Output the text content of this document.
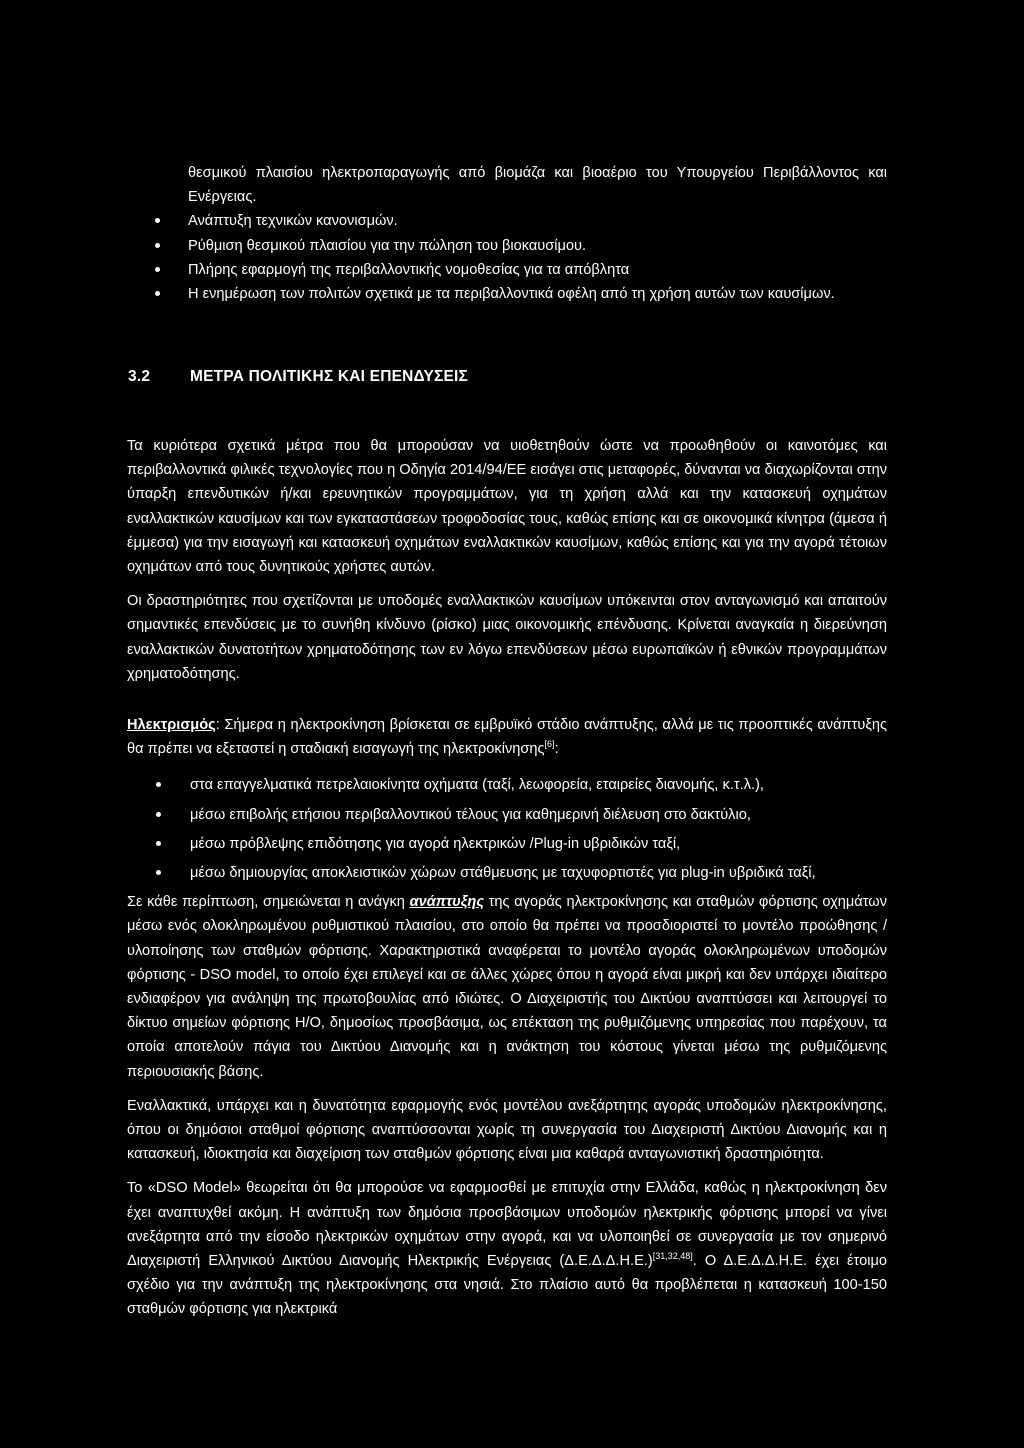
θεσμικού πλαισίου ηλεκτροπαραγωγής από βιομάζα και βιοαέριο του Υπουργείου Περιβάλλοντος και Ενέργειας.
Ανάπτυξη τεχνικών κανονισμών.
Ρύθμιση θεσμικού πλαισίου για την πώληση του βιοκαυσίμου.
Πλήρης εφαρμογή της περιβαλλοντικής νομοθεσίας για τα απόβλητα
Η ενημέρωση των πολιτών σχετικά με τα περιβαλλοντικά οφέλη από τη χρήση αυτών των καυσίμων.
3.2	ΜΕΤΡΑ ΠΟΛΙΤΙΚΗΣ ΚΑΙ ΕΠΕΝΔΥΣΕΙΣ

Τα κυριότερα σχετικά μέτρα που θα μπορούσαν να υιοθετηθούν ώστε να προωθηθούν οι καινοτόμες και περιβαλλοντικά φιλικές τεχνολογίες που η Οδηγία 2014/94/ΕΕ εισάγει στις μεταφορές, δύνανται να διαχωρίζονται στην ύπαρξη επενδυτικών ή/και ερευνητικών προγραμμάτων, για τη χρήση αλλά και την κατασκευή οχημάτων εναλλακτικών καυσίμων και των εγκαταστάσεων τροφοδοσίας τους, καθώς επίσης και σε οικονομικά κίνητρα (άμεσα ή έμμεσα) για την εισαγωγή και κατασκευή οχημάτων εναλλακτικών καυσίμων, καθώς επίσης και για την αγορά τέτοιων οχημάτων από τους δυνητικούς χρήστες αυτών.

Οι δραστηριότητες που σχετίζονται με υποδομές εναλλακτικών καυσίμων υπόκεινται στον ανταγωνισμό και απαιτούν σημαντικές επενδύσεις με το συνήθη κίνδυνο (ρίσκο) μιας οικονομικής επένδυσης. Κρίνεται αναγκαία η διερεύνηση εναλλακτικών δυνατοτήτων χρηματοδότησης των εν λόγω επενδύσεων μέσω ευρωπαϊκών ή εθνικών προγραμμάτων χρηματοδότησης.

Ηλεκτρισμός: Σήμερα η ηλεκτροκίνηση βρίσκεται σε εμβρυϊκό στάδιο ανάπτυξης, αλλά με τις προοπτικές ανάπτυξης θα πρέπει να εξεταστεί η σταδιακή εισαγωγή της ηλεκτροκίνησης[6]:

στα επαγγελματικά πετρελαιοκίνητα οχήματα (ταξί, λεωφορεία, εταιρείες διανομής, κ.τ.λ.),
μέσω επιβολής ετήσιου περιβαλλοντικού τέλους για καθημερινή διέλευση στο δακτύλιο,
μέσω πρόβλεψης επιδότησης για αγορά ηλεκτρικών /Plug-in υβριδικών ταξί,
μέσω δημιουργίας αποκλειστικών χώρων στάθμευσης με ταχυφορτιστές για plug-in υβριδικά ταξί,

Σε κάθε περίπτωση, σημειώνεται η ανάγκη ανάπτυξης της αγοράς ηλεκτροκίνησης και σταθμών φόρτισης οχημάτων μέσω ενός ολοκληρωμένου ρυθμιστικού πλαισίου, στο οποίο θα πρέπει να προσδιοριστεί το μοντέλο προώθησης / υλοποίησης των σταθμών φόρτισης. Χαρακτηριστικά αναφέρεται το μοντέλο αγοράς ολοκληρωμένων υποδομών φόρτισης - DSO model, το οποίο έχει επιλεγεί και σε άλλες χώρες όπου η αγορά είναι μικρή και δεν υπάρχει ιδιαίτερο ενδιαφέρον για ανάληψη της πρωτοβουλίας από ιδιώτες. Ο Διαχειριστής του Δικτύου αναπτύσσει και λειτουργεί το δίκτυο σημείων φόρτισης Η/Ο, δημοσίως προσβάσιμα, ως επέκταση της ρυθμιζόμενης υπηρεσίας που παρέχουν, τα οποία αποτελούν πάγια του Δικτύου Διανομής και η ανάκτηση του κόστους γίνεται μέσω της ρυθμιζόμενης περιουσιακής βάσης.

Εναλλακτικά, υπάρχει και η δυνατότητα εφαρμογής ενός μοντέλου ανεξάρτητης αγοράς υποδομών ηλεκτροκίνησης, όπου οι δημόσιοι σταθμοί φόρτισης αναπτύσσονται χωρίς τη συνεργασία του Διαχειριστή Δικτύου Διανομής και η κατασκευή, ιδιοκτησία και διαχείριση των σταθμών φόρτισης είναι μια καθαρά ανταγωνιστική δραστηριότητα.

Το «DSO Model» θεωρείται ότι θα μπορούσε να εφαρμοσθεί με επιτυχία στην Ελλάδα, καθώς η ηλεκτροκίνηση δεν έχει αναπτυχθεί ακόμη. Η ανάπτυξη των δημόσια προσβάσιμων υποδομών ηλεκτρικής φόρτισης μπορεί να γίνει ανεξάρτητα από την είσοδο ηλεκτρικών οχημάτων στην αγορά, και να υλοποιηθεί σε συνεργασία με τον σημερινό Διαχειριστή Ελληνικού Δικτύου Διανομής Ηλεκτρικής Ενέργειας (Δ.Ε.Δ.Δ.Η.Ε.)[31,32,48]. Ο Δ.Ε.Δ.Δ.Η.Ε. έχει έτοιμο σχέδιο για την ανάπτυξη της ηλεκτροκίνησης στα νησιά. Στο πλαίσιο αυτό θα προβλέπεται η κατασκευή 100-150 σταθμών φόρτισης για ηλεκτρικά
